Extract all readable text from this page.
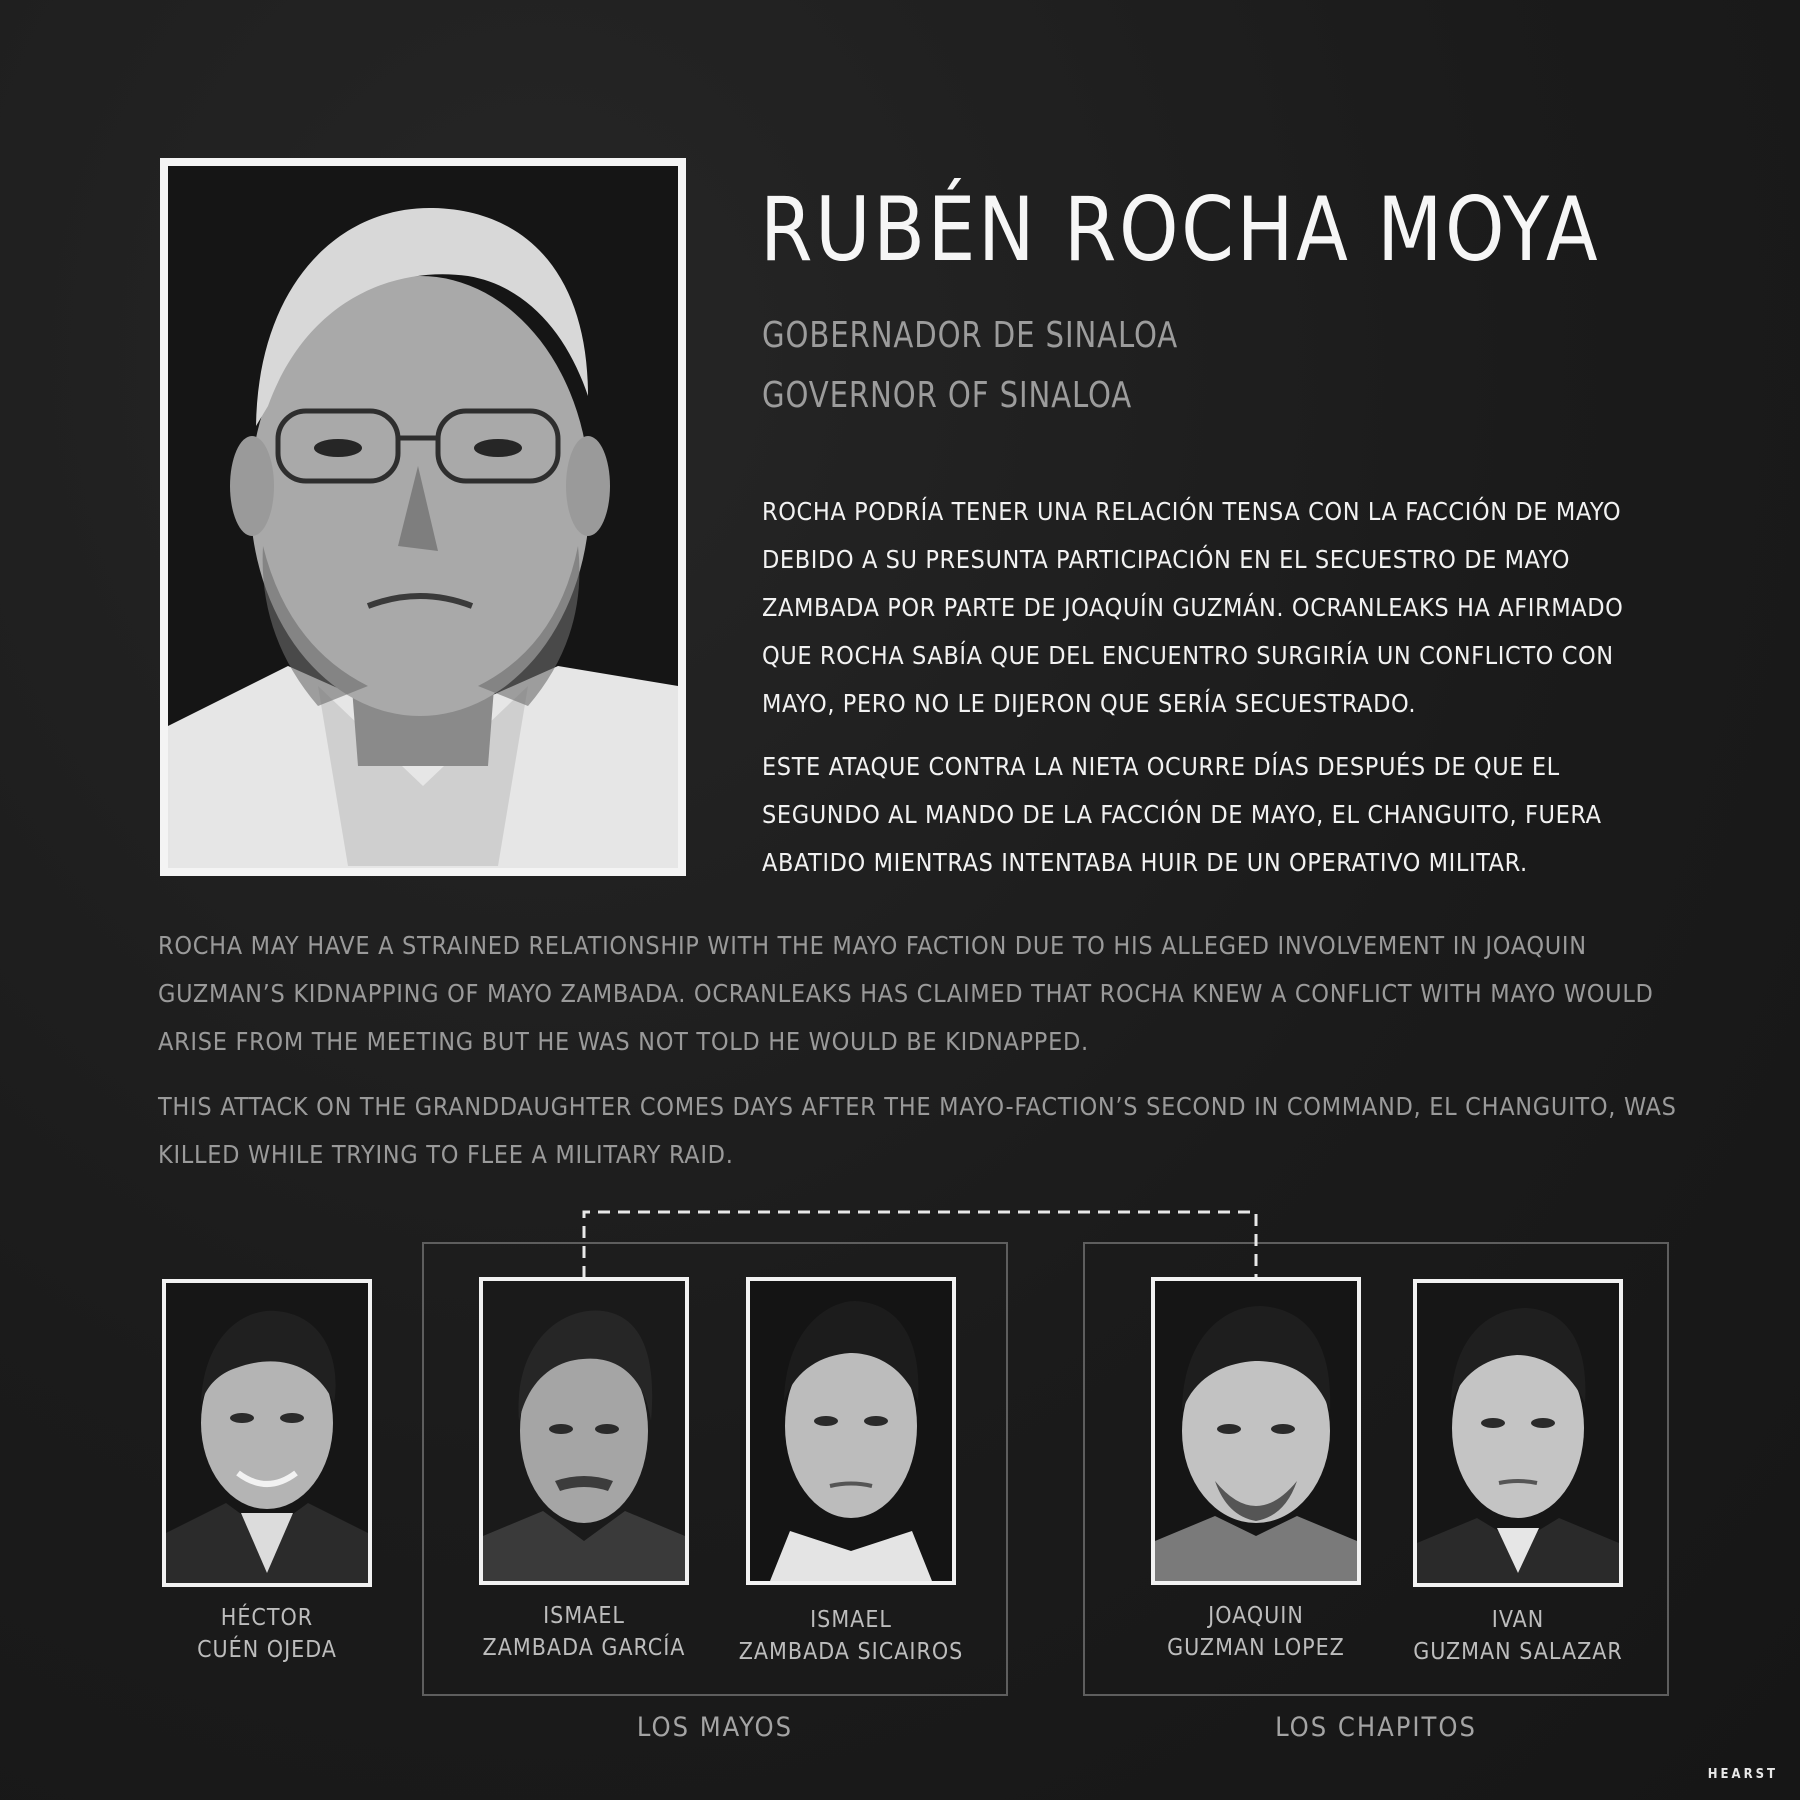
RUBÉN ROCHA MOYA
GOBERNADOR DE SINALOA
GOVERNOR OF SINALOA

ROCHA PODRÍA TENER UNA RELACIÓN TENSA CON LA FACCIÓN DE MAYO DEBIDO A SU PRESUNTA PARTICIPACIÓN EN EL SECUESTRO DE MAYO ZAMBADA POR PARTE DE JOAQUÍN GUZMÁN. OCRANLEAKS HA AFIRMADO QUE ROCHA SABÍA QUE DEL ENCUENTRO SURGIRÍA UN CONFLICTO CON MAYO, PERO NO LE DIJERON QUE SERÍA SECUESTRADO.

ESTE ATAQUE CONTRA LA NIETA OCURRE DÍAS DESPUÉS DE QUE EL SEGUNDO AL MANDO DE LA FACCIÓN DE MAYO, EL CHANGUITO, FUERA ABATIDO MIENTRAS INTENTABA HUIR DE UN OPERATIVO MILITAR.

ROCHA MAY HAVE A STRAINED RELATIONSHIP WITH THE MAYO FACTION DUE TO HIS ALLEGED INVOLVEMENT IN JOAQUIN GUZMAN’S KIDNAPPING OF MAYO ZAMBADA. OCRANLEAKS HAS CLAIMED THAT ROCHA KNEW A CONFLICT WITH MAYO WOULD ARISE FROM THE MEETING BUT HE WAS NOT TOLD HE WOULD BE KIDNAPPED.

THIS ATTACK ON THE GRANDDAUGHTER COMES DAYS AFTER THE MAYO-FACTION’S SECOND IN COMMAND, EL CHANGUITO, WAS KILLED WHILE TRYING TO FLEE A MILITARY RAID.

HÉCTOR
CUÉN OJEDA
ISMAEL
ZAMBADA GARCÍA
ISMAEL
ZAMBADA SICAIROS
JOAQUIN
GUZMAN LOPEZ
IVAN
GUZMAN SALAZAR
LOS MAYOS	LOS CHAPITOS
HEARST
